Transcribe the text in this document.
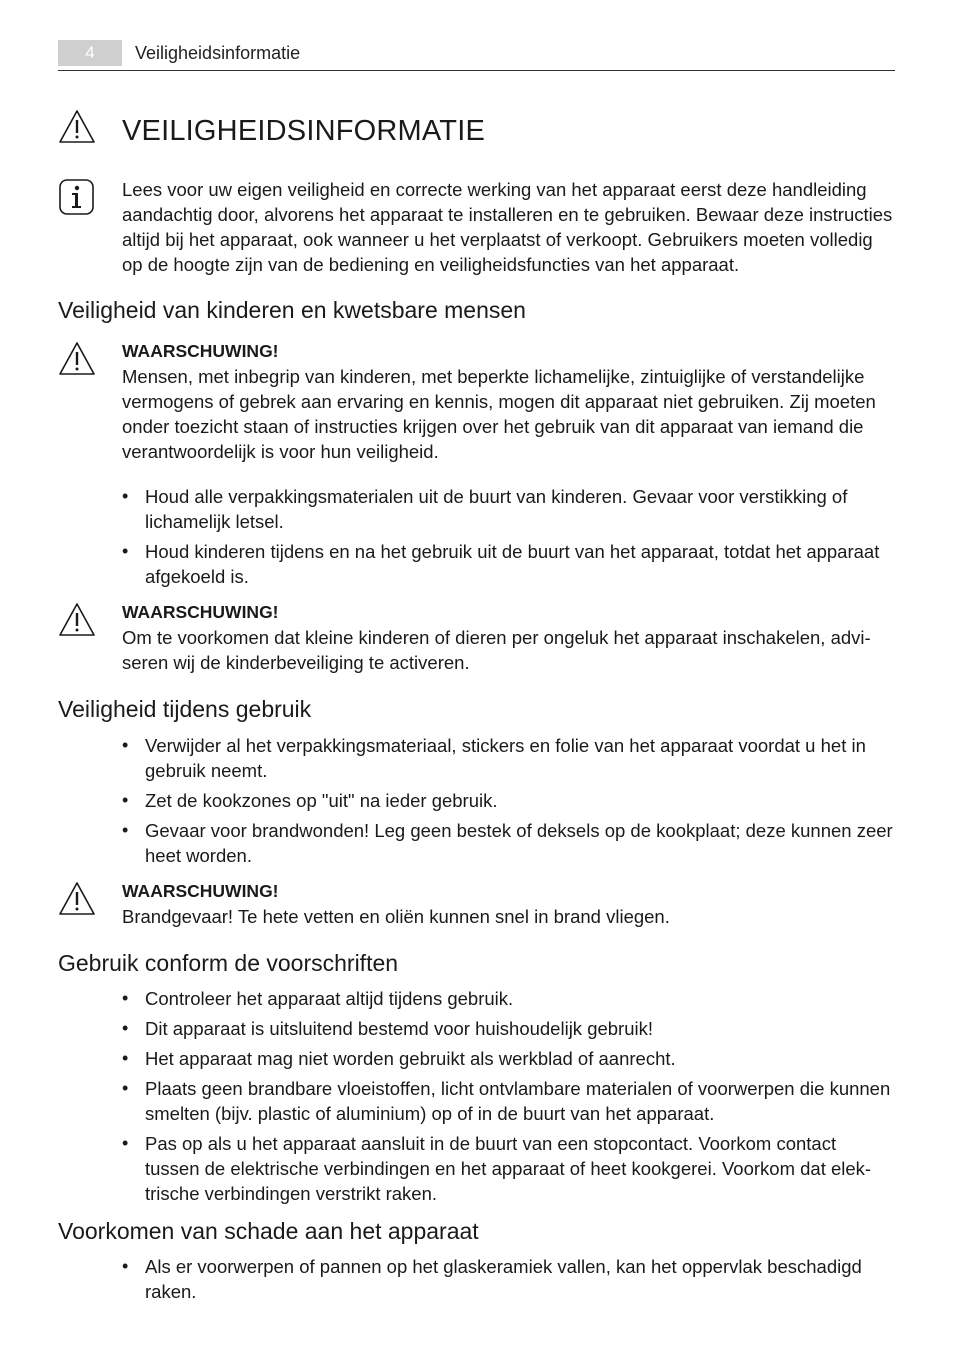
4	Veiligheidsinformatie
VEILIGHEIDSINFORMATIE

Lees voor uw eigen veiligheid en correcte werking van het apparaat eerst deze handleiding aandachtig door, alvorens het apparaat te installeren en te gebruiken. Bewaar deze instructies altijd bij het apparaat, ook wanneer u het verplaatst of verkoopt. Gebruikers moeten volledig op de hoogte zijn van de bediening en veiligheidsfuncties van het apparaat.

Veiligheid van kinderen en kwetsbare mensen

WAARSCHUWING!

Mensen, met inbegrip van kinderen, met beperkte lichamelijke, zintuiglijke of verstandelijke vermogens of gebrek aan ervaring en kennis, mogen dit apparaat niet gebruiken. Zij moeten onder toezicht staan of instructies krijgen over het gebruik van dit apparaat van iemand die verantwoordelijk is voor hun veiligheid.

• Houd alle verpakkingsmaterialen uit de buurt van kinderen. Gevaar voor verstikking of lichamelijk letsel.
• Houd kinderen tijdens en na het gebruik uit de buurt van het apparaat, totdat het apparaat afgekoeld is.

WAARSCHUWING!

Om te voorkomen dat kleine kinderen of dieren per ongeluk het apparaat inschakelen, adviseren wij de kinderbeveiliging te activeren.

Veiligheid tijdens gebruik
• Verwijder al het verpakkingsmateriaal, stickers en folie van het apparaat voordat u het in gebruik neemt.
• Zet de kookzones op "uit" na ieder gebruik.
• Gevaar voor brandwonden! Leg geen bestek of deksels op de kookplaat; deze kunnen zeer heet worden.

WAARSCHUWING!

Brandgevaar! Te hete vetten en oliën kunnen snel in brand vliegen.

Gebruik conform de voorschriften
• Controleer het apparaat altijd tijdens gebruik.
• Dit apparaat is uitsluitend bestemd voor huishoudelijk gebruik!
• Het apparaat mag niet worden gebruikt als werkblad of aanrecht.
• Plaats geen brandbare vloeistoffen, licht ontvlambare materialen of voorwerpen die kunnen smelten (bijv. plastic of aluminium) op of in de buurt van het apparaat.
• Pas op als u het apparaat aansluit in de buurt van een stopcontact. Voorkom contact tussen de elektrische verbindingen en het apparaat of heet kookgerei. Voorkom dat elektrische verbindingen verstrikt raken.
Voorkomen van schade aan het apparaat
• Als er voorwerpen of pannen op het glaskeramiek vallen, kan het oppervlak beschadigd raken.
